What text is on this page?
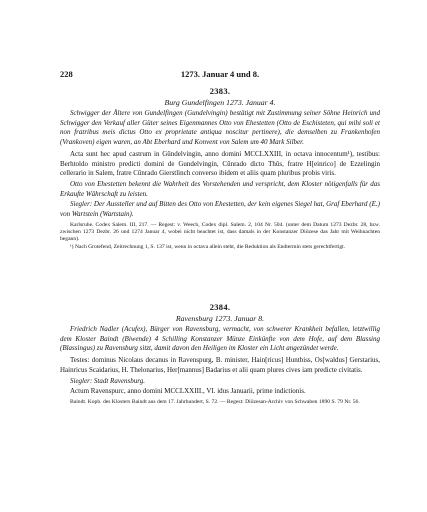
228	1273. Januar 4 und 8.
2383.
Burg Gundelfingen 1273. Januar 4.

Schwigger der Ältere von Gundelfingen (Gundelvingin) bestätigt mit Zustimmung seiner Söhne Heinrich und Schwigger den Verkauf aller Güter seines Eigenmannes Otto von Ehestetten (Otto de Eschisteten, qui mihi soli et non fratribus meis dictus Otto ex proprietate antiqua noscitur pertinere), die demselben zu Frankenhofen (Vrankoven) eigen waren, an Abt Eberhard und Konvent von Salem um 40 Mark Silber.

Acta sunt hec apud castrum in Gûndelvingin, anno domini MCCLXXIII, in octava innocentum¹), testibus: Berhtoldo ministro predicti domini de Gundelvingin, Cûnrado dicto Thûs, fratre H[einrico] de Ezzelingin cellerario in Salem, fratre Cûnrado Gierstlinch converso ibidem et aliis quam pluribus probis viris.

Otto von Ehestetten bekennt die Wahrheit des Vorstehenden und verspricht, dem Kloster nötigenfalls für das Erkaufte Währschaft zu leisten.

Siegler: Der Aussteller und auf Bitten des Otto von Ehestetten, der kein eigenes Siegel hat, Graf Eberhard (E.) von Wartstein (Wartstain).

Karlsruhe. Codex Salem. III, 217. — Regest: v. Weech, Codex dipl. Salem. 2, 104 Nr. 504. (unter dem Datum 1273 Dezbr. 28, bzw. zwischen 1273 Dezbr. 26 und 1274 Januar 4, wobei nicht beachtet ist, dass damals in der Konstanzer Diözese das Jahr mit Weihnachten begann).

¹) Nach Grotefend, Zeitrechnung 1, S. 137 ist, wenn in octava allein steht, die Reduktion als Endtermin stets gerechtfertigt.

2384.
Ravensburg 1273. Januar 8.

Friedrich Nadler (Acufex), Bürger von Ravensburg, vermacht, von schwerer Krankheit befallen, letztwillig dem Kloster Baindt (Biwende) 4 Schilling Konstanzer Münze Einkünfte von dem Hofe, auf dem Blassing (Blassingus) zu Ravensburg sitzt, damit davon den Heiligen im Kloster ein Licht angezündet werde.

Testes: dominus Nicolaus decanus in Ravenspurg, B. minister, Hain[ricus] Huntbiss, Os[waldus] Gerstarius, Hainricus Scaidarius, H. Thelonarius, Her[mannus] Badarius et alii quam plures cives iam predicte civitatis.

Siegler: Stadt Ravensburg.

Actum Ravenspurc, anno domini MCCLXXIII., VI. idus Januarii, prime indictionis.

Baindt. Kopb. des Klosters Baindt aus dem 17. Jahrhundert, S. 72. — Regest: Diözesan-Archiv von Schwaben 1890 S. 79 Nr. 56.
